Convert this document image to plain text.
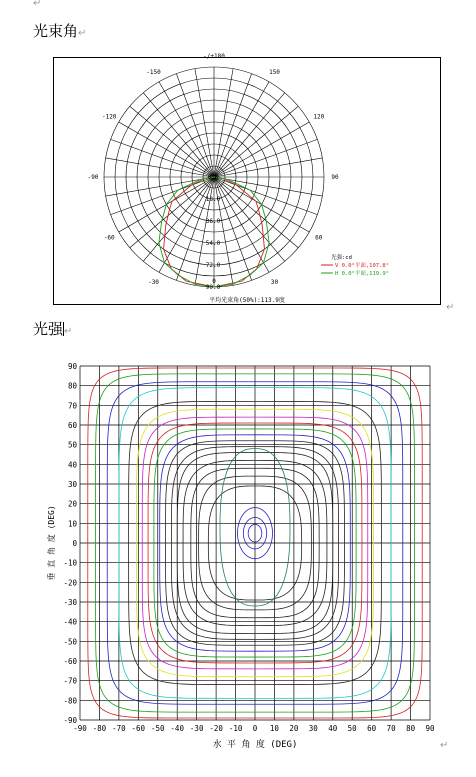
↵
光束角↵
-/+180
-150	150
-120	120
-90	90
-60	60
-30	30
0
0.0
18.0
36.0
54.0
72.0
90.0
光强:cd
V 0.0°平面,107.8°
H 0.0°平面,119.9°
平均光束角(50%):113.9度
↵
光强↵
-90 -80 -70 -60 -50 -40 -30 -20 -10 0 10 20 30 40 50 60 70 80 90
90
80
70
60
50
40
30
20
10
0
-10
-20
-30
-40
-50
-60
-70
-80
-90
水 平 角 度 (DEG)
垂 直 角 度 (DEG)
↵
